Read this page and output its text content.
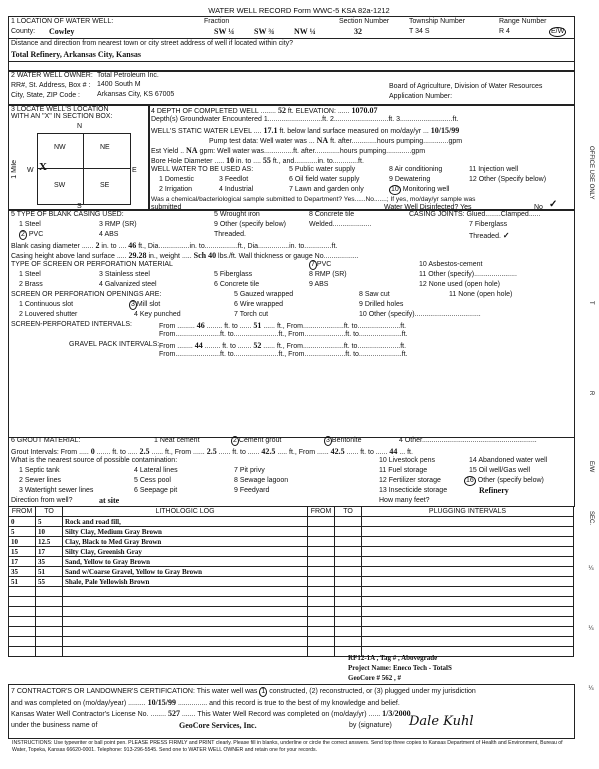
WATER WELL RECORD Form WWC-5 KSA 82a-1212
1 LOCATION OF WATER WELL:
County: Cowley
Fraction
SW ¼ SW ¾ NW ¼
Section Number
32
Township Number
T 34 S
Range Number
R 4	E/W
Distance and direction from nearest town or city street address of well if located within city?
Total Refinery, Arkansas City, Kansas
2 WATER WELL OWNER: Total Petroleum Inc.
RR#, St. Address, Box # : 1400 South M
City, State, ZIP Code : Arkansas City, KS 67005
Board of Agriculture, Division of Water Resources
Application Number:
3 LOCATE WELL'S LOCATION WITH AN "X" IN SECTION BOX:
N
NW	NE
SW	SE
X
W	E
S
1 Mile
4 DEPTH OF COMPLETED WELL ........ 52 ft. ELEVATION: ...... 1070.07
Depth(s) Groundwater Encountered 1............................ft. 2............................ft. 3...........................ft.
WELL'S STATIC WATER LEVEL .... 17.1 ft. below land surface measured on mo/day/yr ... 10/15/99
Pump test data: Well water was ... NA ft. after.............hours pumping.............gpm
Est Yield .. NA gpm: Well water was...............ft. after.............hours pumping.............gpm
Bore Hole Diameter ..... 10 in. to .... 55 ft., and............in. to.............ft.
WELL WATER TO BE USED AS:	5 Public water supply	8 Air conditioning	11 Injection well
1 Domestic	3 Feedlot	6 Oil field water supply	9 Dewatering	12 Other (Specify below)
2 Irrigation	4 Industrial	7 Lawn and garden only	10 Monitoring well
Was a chemical/bacteriological sample submitted to Department? Yes......No.......; If yes, mo/day/yr sample was
submitted	Water Well Disinfected? Yes	No ✓
5 TYPE OF BLANK CASING USED:	5 Wrought iron	8 Concrete tile	CASING JOINTS: Glued........Clamped......
1 Steel	3 RMP (SR)	9 Other (specify below)	Welded....................	7 Fiberglass
2 PVC	4 ABS	Threaded.	Threaded. ✓
Blank casing diameter ...... 2 in. to .... 46 ft., Dia................in. to.................ft., Dia................in. to..............ft.
Casing height above land surface ..... 29.28 in., weight ..... Sch 40 lbs./ft. Wall thickness or gauge No..................
TYPE OF SCREEN OR PERFORATION MATERIAL	7 PVC	10 Asbestos-cement
1 Steel	3 Stainless steel	5 Fiberglass	8 RMP (SR)	11 Other (specify)......................
2 Brass	4 Galvanized steel	6 Concrete tile	9 ABS	12 None used (open hole)
SCREEN OR PERFORATION OPENINGS ARE:	5 Gauzed wrapped	8 Saw cut	11 None (open hole)
1 Continuous slot	3 Mill slot	6 Wire wrapped	9 Drilled holes
2 Louvered shutter	4 Key punched	7 Torch cut	10 Other (specify)..................................
SCREEN-PERFORATED INTERVALS:	From ......... 46 ........ ft. to ...... 51 ...... ft., From.....................ft. to......................ft.
From.......................ft. to.......................ft., From.....................ft. to......................ft.
GRAVEL PACK INTERVALS: From ........ 44 ........ ft. to ....... 52 ...... ft., From.....................ft. to......................ft.
From.......................ft. to.......................ft., From.....................ft. to......................ft.
6 GROUT MATERIAL:	1 Neat cement	2 Cement grout	3 Bentonite	4 Other...........................................................
Grout Intervals: From ..... 0 ....... ft. to ..... 2.5 ...... ft., From ...... 2.5 ...... ft. to ...... 42.5 ..... ft., From ...... 42.5 ...... ft. to ...... 44 ... ft.
What is the nearest source of possible contamination:	10 Livestock pens	14 Abandoned water well
1 Septic tank	4 Lateral lines	7 Pit privy	11 Fuel storage	15 Oil well/Gas well
2 Sewer lines	5 Cess pool	8 Sewage lagoon	12 Fertilizer storage	16 Other (specify below)
3 Watertight sewer lines	6 Seepage pit	9 Feedyard	13 Insecticide storage	Refinery
Direction from well?	at site	How many feet?
FROM	TO	LITHOLOGIC LOG	FROM	TO	PLUGGING INTERVALS
0	5	Rock and road fill,			
5	10	Silty Clay, Medium Gray Brown			
10	12.5	Clay, Black to Med Gray Brown			
15	17	Silty Clay, Greenish Gray			
17	35	Sand, Yellow to Gray Brown			
35	51	Sand w/Coarse Gravel, Yellow to Gray Brown			
51	55	Shale, Pale Yellowish Brown			

RF12-1A , Tag # , Abovegrade
Project Name: Eneco Tech - TotalS
GeoCore # 562 , #
7 CONTRACTOR'S OR LANDOWNER'S CERTIFICATION: This water well was 1 constructed, (2) reconstructed, or (3) plugged under my jurisdiction
and was completed on (mo/day/year) ......... 10/15/99 ............... and this record is true to the best of my knowledge and belief.
Kansas Water Well Contractor's License No. ........ 527 ....... This Water Well Record was completed on (mo/day/yr) ...... 1/3/2000
under the business name of	GeoCore Services, Inc.	by (signature) Dale Kuhl
INSTRUCTIONS: Use typewriter or ball point pen. PLEASE PRESS FIRMLY and PRINT clearly. Please fill in blanks, underline or circle the correct answers. Send top three copies to Kansas Department of Health and Environment, Bureau of Water, Topeka, Kansas 66620-0001. Telephone: 913-296-5545. Send one to WATER WELL OWNER and retain one for your records.
OFFICE USE ONLY
T
R
E/W
SEC.
¼
¼
¼
